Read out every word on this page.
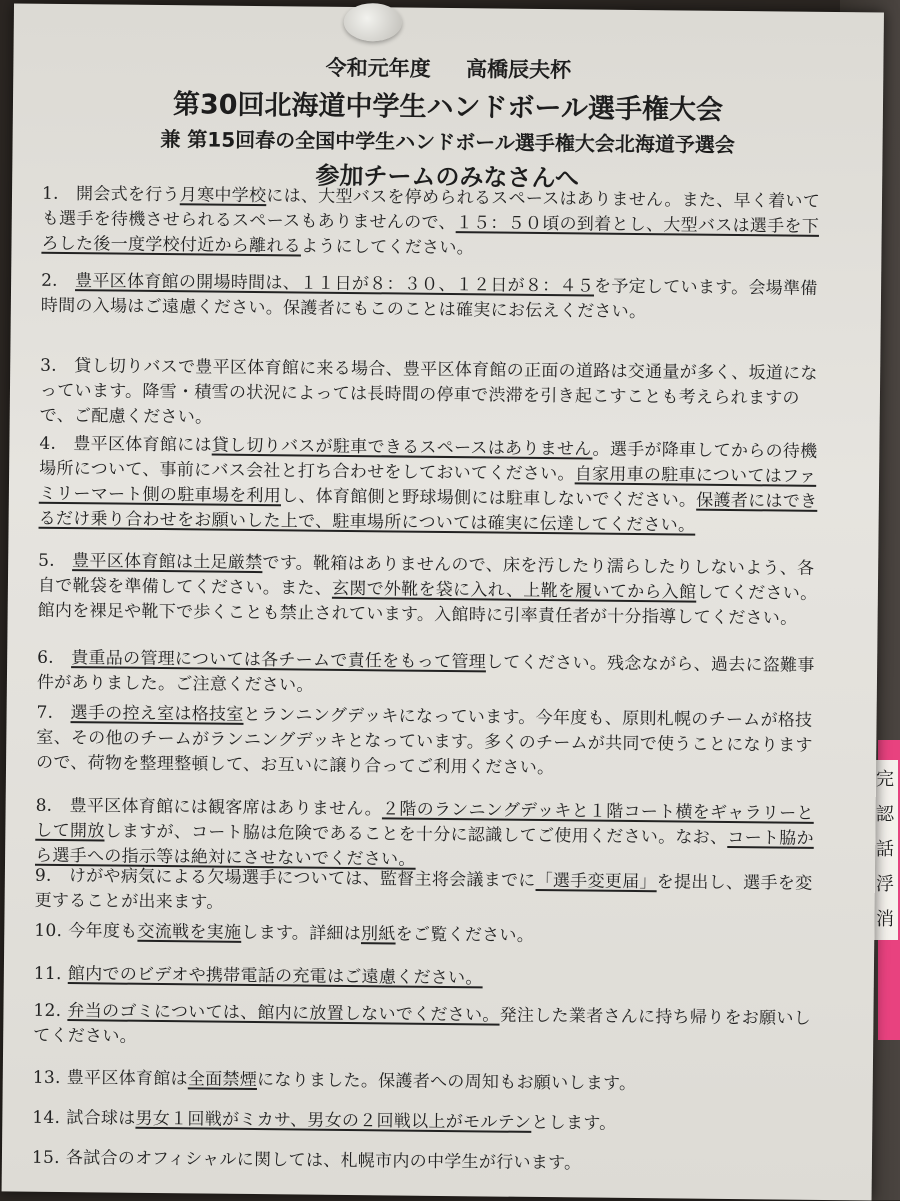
完
認
話
浮
消
令和元年度 高橋辰夫杯
第30回北海道中学生ハンドボール選手権大会
兼 第15回春の全国中学生ハンドボール選手権大会北海道予選会
参加チームのみなさんへ
1． 開会式を行う月寒中学校には、大型バスを停められるスペースはありません。また、早く着いても選手を待機させられるスペースもありませんので、１５：５０頃の到着とし、大型バスは選手を下ろした後一度学校付近から離れるようにしてください。
2． 豊平区体育館の開場時間は、１１日が８：３０、１２日が８：４５を予定しています。会場準備時間の入場はご遠慮ください。保護者にもこのことは確実にお伝えください。
3． 貸し切りバスで豊平区体育館に来る場合、豊平区体育館の正面の道路は交通量が多く、坂道になっています。降雪・積雪の状況によっては長時間の停車で渋滞を引き起こすことも考えられますので、ご配慮ください。
4． 豊平区体育館には貸し切りバスが駐車できるスペースはありません。選手が降車してからの待機場所について、事前にバス会社と打ち合わせをしておいてください。自家用車の駐車についてはファミリーマート側の駐車場を利用し、体育館側と野球場側には駐車しないでください。保護者にはできるだけ乗り合わせをお願いした上で、駐車場所については確実に伝達してください。
5． 豊平区体育館は土足厳禁です。靴箱はありませんので、床を汚したり濡らしたりしないよう、各自で靴袋を準備してください。また、玄関で外靴を袋に入れ、上靴を履いてから入館してください。館内を裸足や靴下で歩くことも禁止されています。入館時に引率責任者が十分指導してください。
6． 貴重品の管理については各チームで責任をもって管理してください。残念ながら、過去に盗難事件がありました。ご注意ください。
7． 選手の控え室は格技室とランニングデッキになっています。今年度も、原則札幌のチームが格技室、その他のチームがランニングデッキとなっています。多くのチームが共同で使うことになりますので、荷物を整理整頓して、お互いに譲り合ってご利用ください。
8． 豊平区体育館には観客席はありません。２階のランニングデッキと１階コート横をギャラリーとして開放しますが、コート脇は危険であることを十分に認識してご使用ください。なお、コート脇から選手への指示等は絶対にさせないでください。
9． けがや病気による欠場選手については、監督主将会議までに「選手変更届」を提出し、選手を変更することが出来ます。
10. 今年度も交流戦を実施します。詳細は別紙をご覧ください。
11. 館内でのビデオや携帯電話の充電はご遠慮ください。
12. 弁当のゴミについては、館内に放置しないでください。発注した業者さんに持ち帰りをお願いしてください。
13. 豊平区体育館は全面禁煙になりました。保護者への周知もお願いします。
14. 試合球は男女１回戦がミカサ、男女の２回戦以上がモルテンとします。
15. 各試合のオフィシャルに関しては、札幌市内の中学生が行います。
